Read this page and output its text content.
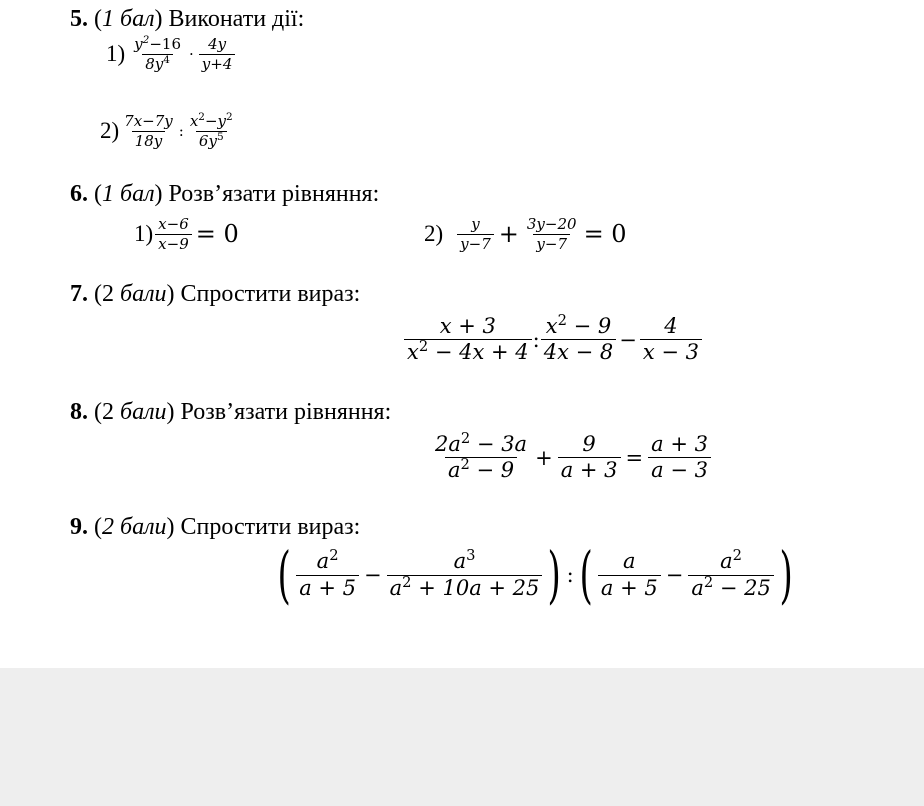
5. (1 бал) Виконати дії:
$1) \frac{y^2-16}{8y^4} \cdot \frac{4y}{y+4}$
$2) \frac{7x-7y}{18y}$ : $\frac{x^2-y^2}{6y^5}$
6. (1 бал) Розв’язати рівняння:
$1) \frac{x-6}{x-9} = 0$	$2) \frac{y}{y-7} + \frac{3y-20}{y-7} = 0$
7. (2 бали) Спростити вираз:
$\frac{x + 3}{x^2 - 4x + 4}$ : $\frac{x^2 - 9}{4x - 8} - \frac{4}{x - 3}$
8. (2 бали) Розв’язати рівняння:
$\frac{2a^2 - 3a}{a^2 - 9} + \frac{9}{a + 3} = \frac{a + 3}{a - 3}$
9. (2 бали) Спростити вираз:
( $\frac{a^2}{a + 5} - \frac{a^3}{a^2 + 10a + 25}$ ) : ( $\frac{a}{a + 5} - \frac{a^2}{a^2 - 25}$ )
